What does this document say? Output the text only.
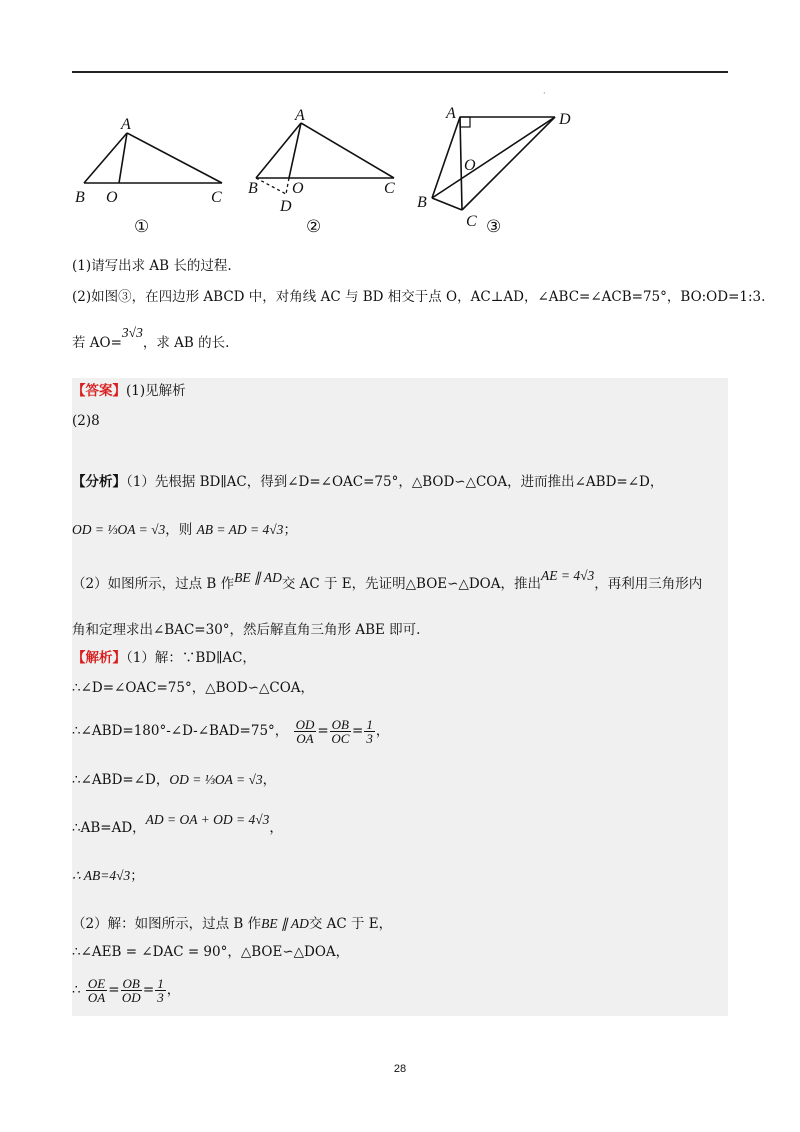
·
A
B O	C
①
A
B O	C
D
②
A	D
O
B
C ③
(1)请写出求 AB 长的过程.
(2)如图③，在四边形 ABCD 中，对角线 AC 与 BD 相交于点 O，AC⊥AD，∠ABC=∠ACB=75°，BO:OD=1:3.
若 AO=3√3，求 AB 的长.
【答案】(1)见解析
(2)8
【分析】（1）先根据 BD∥AC，得到∠D=∠OAC=75°，△BOD∽△COA，进而推出∠ABD=∠D，
OD = ⅓OA = √3，则 AB = AD = 4√3；
（2）如图所示，过点 B 作BE ∥ AD交 AC 于 E，先证明△BOE∽△DOA，推出AE = 4√3，再利用三角形内
角和定理求出∠BAC=30°，然后解直角三角形 ABE 即可.
【解析】（1）解：∵BD∥AC，
∴∠D=∠OAC=75°，△BOD∽△COA，
∴∠ABD=180°-∠D-∠BAD=75°， $\frac{OD}{OA} = \frac{OB}{OC} = \frac{1}{3}$ ，
∴∠ABD=∠D，OD = ⅓OA = √3，
∴AB=AD，AD = OA + OD = 4√3，
∴ AB=4√3；
（2）解：如图所示，过点 B 作BE ∥ AD交 AC 于 E，
∴∠AEB = ∠DAC = 90°，△BOE∽△DOA，
∴ $\frac{OE}{OA} = \frac{OB}{OD} = \frac{1}{3}$ ，
28
